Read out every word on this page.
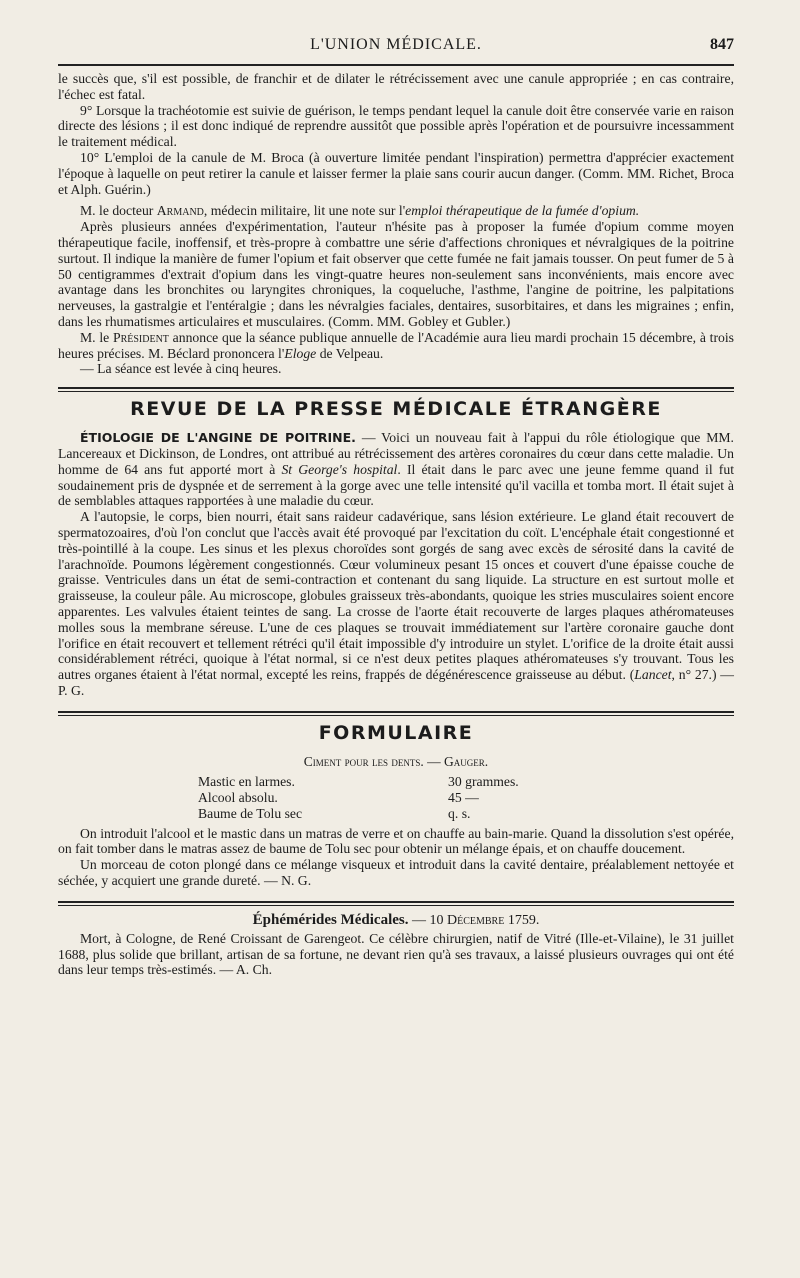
L'UNION MÉDICALE.	847

le succès que, s'il est possible, de franchir et de dilater le rétrécissement avec une canule appropriée ; en cas contraire, l'échec est fatal.

9° Lorsque la trachéotomie est suivie de guérison, le temps pendant lequel la canule doit être conservée varie en raison directe des lésions ; il est donc indiqué de reprendre aussitôt que possible après l'opération et de poursuivre incessamment le traitement médical.

10° L'emploi de la canule de M. Broca (à ouverture limitée pendant l'inspiration) permettra d'apprécier exactement l'époque à laquelle on peut retirer la canule et laisser fermer la plaie sans courir aucun danger. (Comm. MM. Richet, Broca et Alph. Guérin.)

M. le docteur Armand, médecin militaire, lit une note sur l'emploi thérapeutique de la fumée d'opium.

Après plusieurs années d'expérimentation, l'auteur n'hésite pas à proposer la fumée d'opium comme moyen thérapeutique facile, inoffensif, et très-propre à combattre une série d'affections chroniques et névralgiques de la poitrine surtout. Il indique la manière de fumer l'opium et fait observer que cette fumée ne fait jamais tousser. On peut fumer de 5 à 50 centigrammes d'extrait d'opium dans les vingt-quatre heures non-seulement sans inconvénients, mais encore avec avantage dans les bronchites ou laryngites chroniques, la coqueluche, l'asthme, l'angine de poitrine, les palpitations nerveuses, la gastralgie et l'entéralgie ; dans les névralgies faciales, dentaires, susorbitaires, et dans les migraines ; enfin, dans les rhumatismes articulaires et musculaires. (Comm. MM. Gobley et Gubler.)

M. le Président annonce que la séance publique annuelle de l'Académie aura lieu mardi prochain 15 décembre, à trois heures précises. M. Béclard prononcera l'Eloge de Velpeau.

— La séance est levée à cinq heures.

REVUE DE LA PRESSE MÉDICALE ÉTRANGÈRE

ÉTIOLOGIE DE L'ANGINE DE POITRINE. — Voici un nouveau fait à l'appui du rôle étiologique que MM. Lancereaux et Dickinson, de Londres, ont attribué au rétrécissement des artères coronaires du cœur dans cette maladie. Un homme de 64 ans fut apporté mort à St George's hospital. Il était dans le parc avec une jeune femme quand il fut soudainement pris de dyspnée et de serrement à la gorge avec une telle intensité qu'il vacilla et tomba mort. Il était sujet à de semblables attaques rapportées à une maladie du cœur.

A l'autopsie, le corps, bien nourri, était sans raideur cadavérique, sans lésion extérieure. Le gland était recouvert de spermatozoaires, d'où l'on conclut que l'accès avait été provoqué par l'excitation du coït. L'encéphale était congestionné et très-pointillé à la coupe. Les sinus et les plexus choroïdes sont gorgés de sang avec excès de sérosité dans la cavité de l'arachnoïde. Poumons légèrement congestionnés. Cœur volumineux pesant 15 onces et couvert d'une épaisse couche de graisse. Ventricules dans un état de semi-contraction et contenant du sang liquide. La structure en est surtout molle et graisseuse, la couleur pâle. Au microscope, globules graisseux très-abondants, quoique les stries musculaires soient encore apparentes. Les valvules étaient teintes de sang. La crosse de l'aorte était recouverte de larges plaques athéromateuses molles sous la membrane séreuse. L'une de ces plaques se trouvait immédiatement sur l'artère coronaire gauche dont l'orifice en était recouvert et tellement rétréci qu'il était impossible d'y introduire un stylet. L'orifice de la droite était aussi considérablement rétréci, quoique à l'état normal, si ce n'est deux petites plaques athéromateuses s'y trouvant. Tous les autres organes étaient à l'état normal, excepté les reins, frappés de dégénérescence graisseuse au début. (Lancet, n° 27.) — P. G.

FORMULAIRE
Ciment pour les dents. — Gauger.
Mastic en larmes.	30 grammes.
Alcool absolu.	45 —
Baume de Tolu sec	q. s.

On introduit l'alcool et le mastic dans un matras de verre et on chauffe au bain-marie. Quand la dissolution s'est opérée, on fait tomber dans le matras assez de baume de Tolu sec pour obtenir un mélange épais, et on chauffe doucement.

Un morceau de coton plongé dans ce mélange visqueux et introduit dans la cavité dentaire, préalablement nettoyée et séchée, y acquiert une grande dureté. — N. G.

Éphémérides Médicales. — 10 Décembre 1759.

Mort, à Cologne, de René Croissant de Garengeot. Ce célèbre chirurgien, natif de Vitré (Ille-et-Vilaine), le 31 juillet 1688, plus solide que brillant, artisan de sa fortune, ne devant rien qu'à ses travaux, a laissé plusieurs ouvrages qui ont été dans leur temps très-estimés. — A. Ch.
